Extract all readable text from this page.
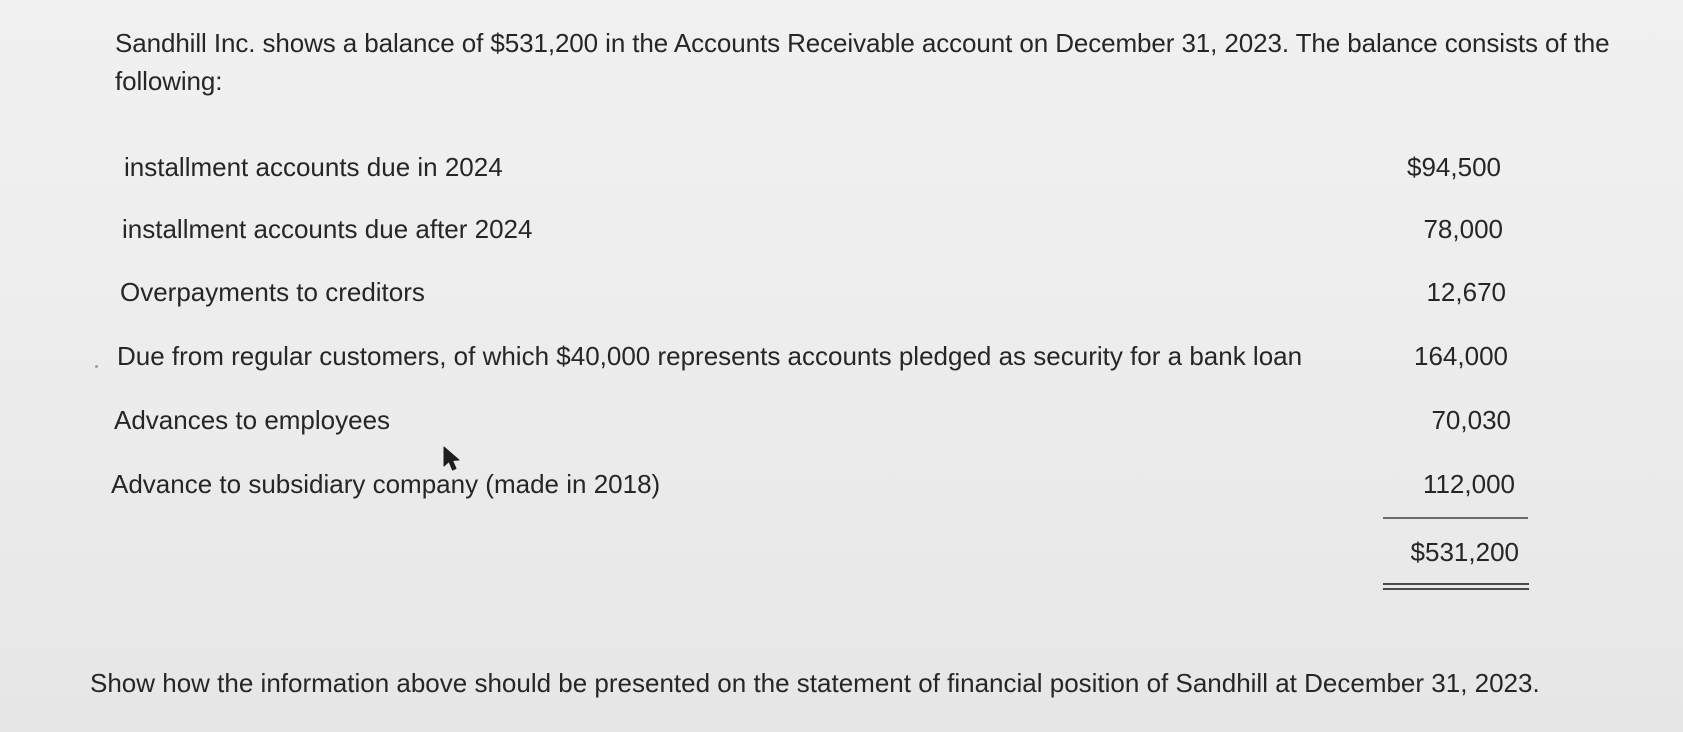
Sandhill Inc. shows a balance of $531,200 in the Accounts Receivable account on December 31, 2023. The balance consists of the following:
installment accounts due in 2024	$94,500
installment accounts due after 2024	78,000
Overpayments to creditors	12,670
Due from regular customers, of which $40,000 represents accounts pledged as security for a bank loan	164,000
Advances to employees	70,030
Advance to subsidiary company (made in 2018)	112,000
$531,200
Show how the information above should be presented on the statement of financial position of Sandhill at December 31, 2023.
